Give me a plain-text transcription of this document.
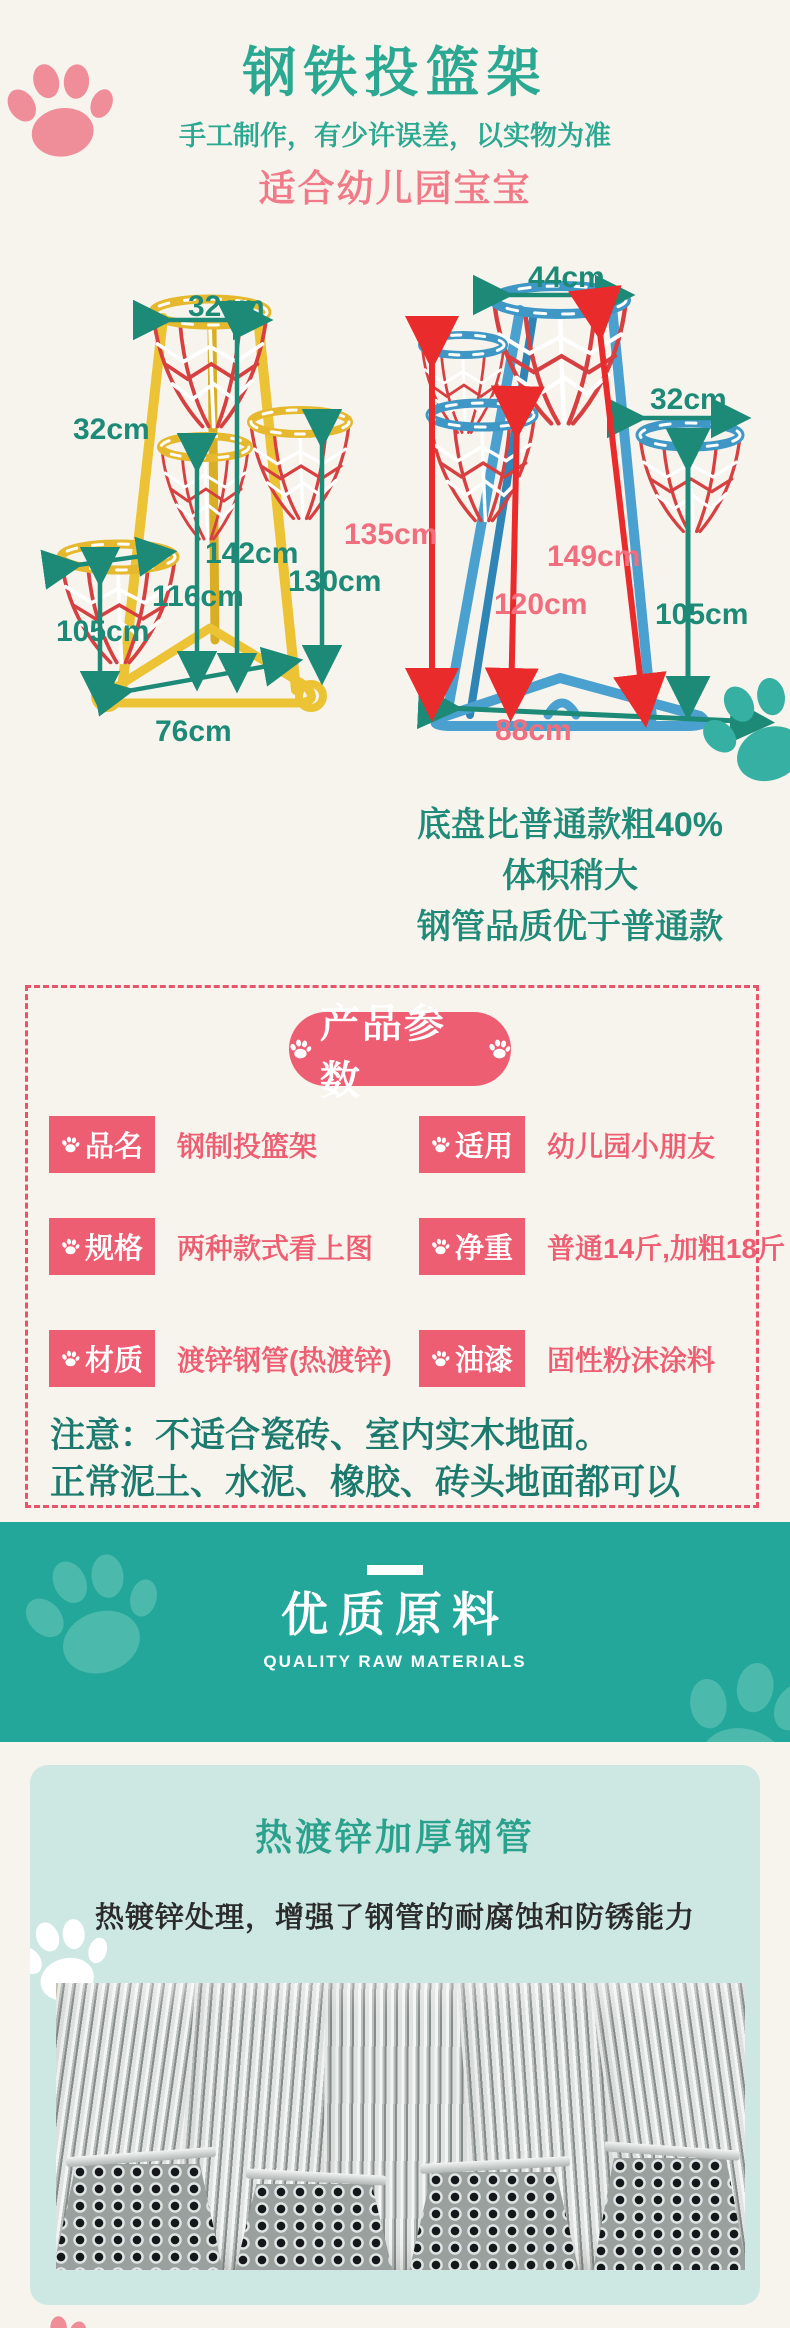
钢铁投篮架
手工制作，有少许误差，以实物为准
适合幼儿园宝宝
32cm
32cm
142cm
116cm 130cm
105cm
76cm
44cm
32cm
135cm
149cm
120cm 105cm
88cm
底盘比普通款粗40%
体积稍大
钢管品质优于普通款
产品参数
品名 钢制投篮架	适用 幼儿园小朋友
规格 两种款式看上图	净重 普通14斤,加粗18斤
材质 渡锌钢管(热渡锌) 油漆 固性粉沫涂料
注意：不适合瓷砖、室内实木地面。
正常泥土、水泥、橡胶、砖头地面都可以
优质原料
QUALITY RAW MATERIALS
热渡锌加厚钢管
热镀锌处理，增强了钢管的耐腐蚀和防锈能力
